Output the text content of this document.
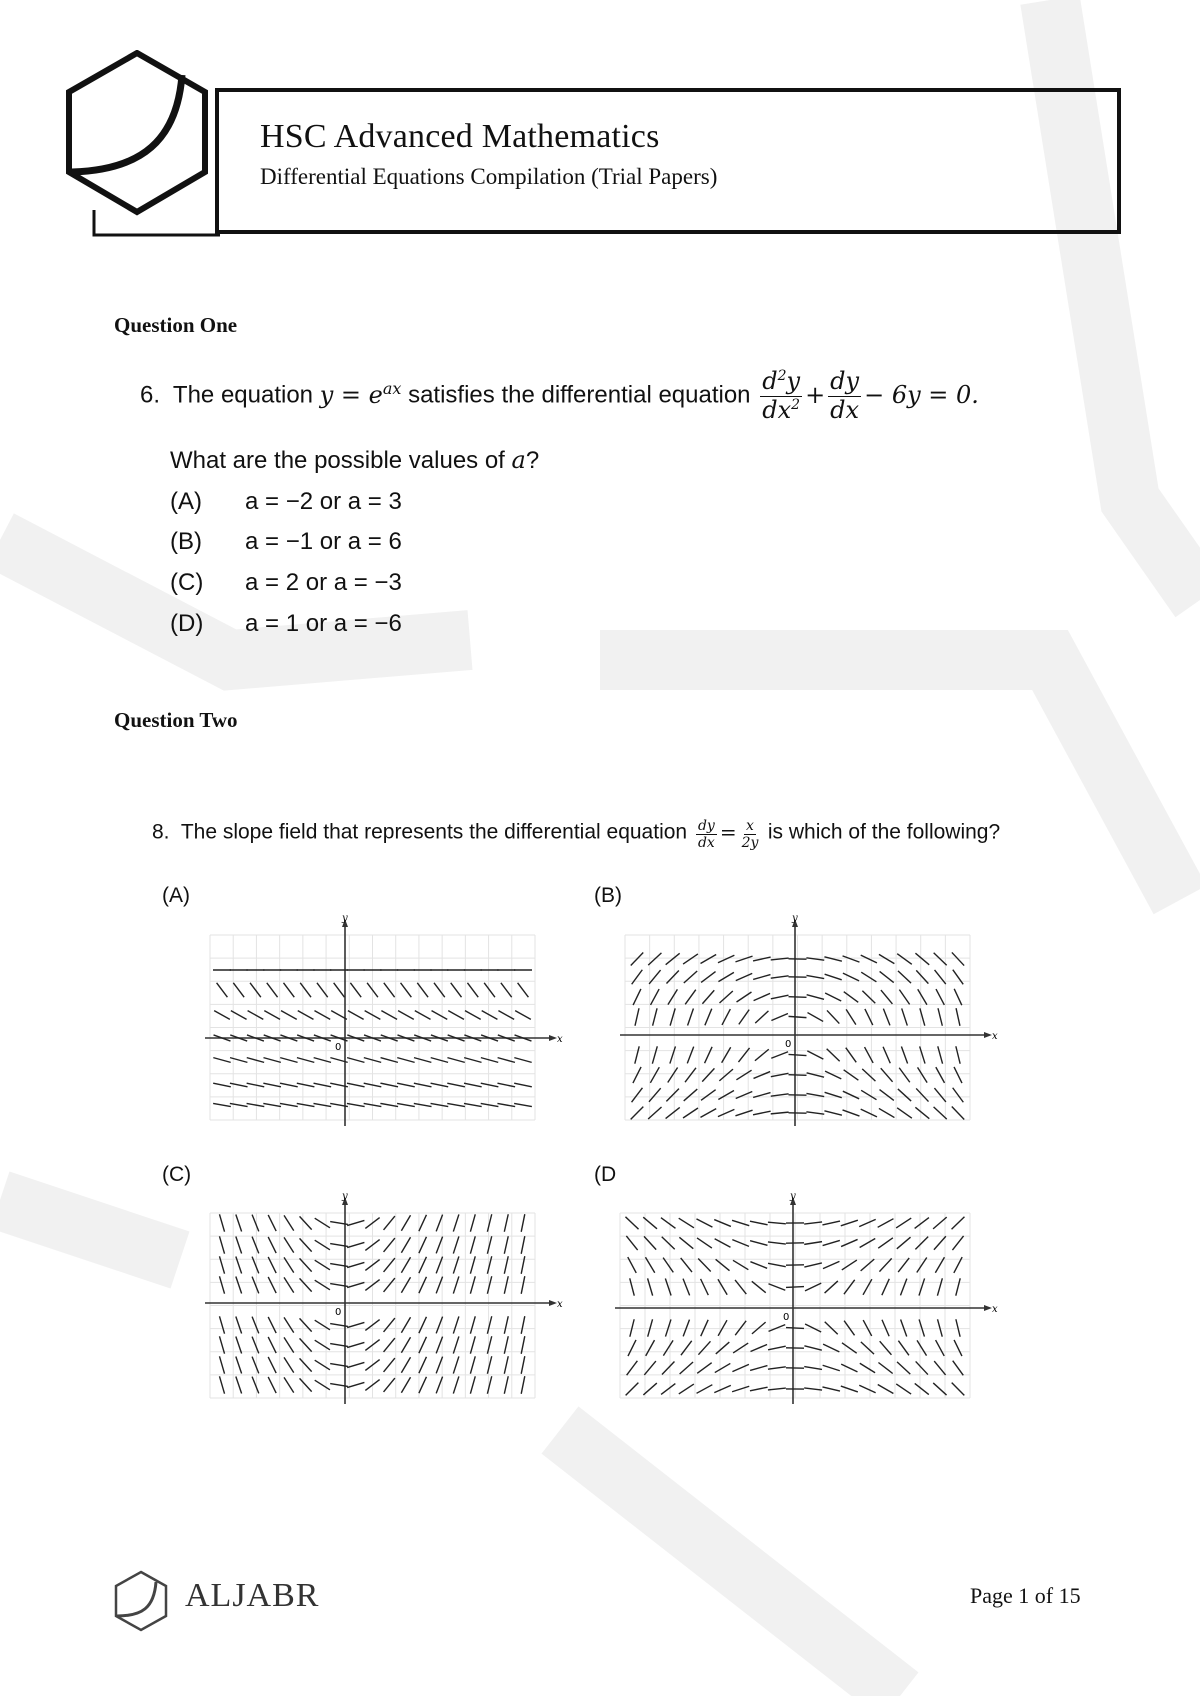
HSC Advanced Mathematics
Differential Equations Compilation (Trial Papers)
Question One
6. The equation $y = e^{ax}$ satisfies the differential equation $\frac{d^2y}{dx^2} + \frac{dy}{dx} - 6y = 0$.
What are the possible values of a?
(A) a = −2 or a = 3
(B) a = −1 or a = 6
(C) a = 2 or a = −3
(D) a = 1 or a = −6
Question Two
8. The slope field that represents the differential equation $\frac{dy}{dx} = \frac{x}{2y}$ is which of the following?
(A)	(B)
(C)	(D
x
y
0
x
y
0
x
y
0	x
y
0
ALJABR	Page 1 of 15
